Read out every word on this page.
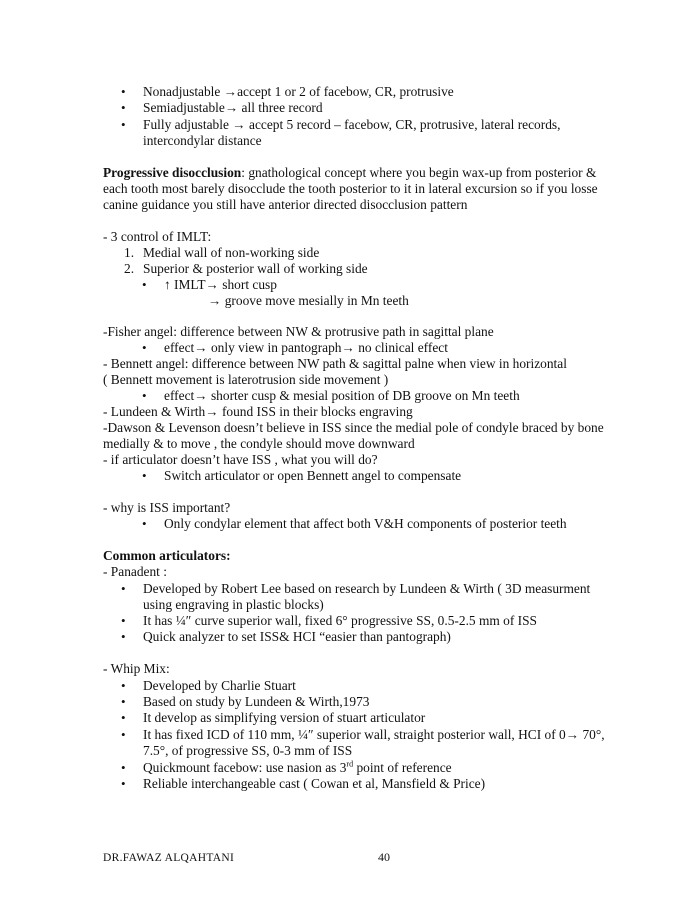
• Nonadjustable →accept 1 or 2 of facebow, CR, protrusive
• Semiadjustable→ all three record
• Fully adjustable → accept 5 record – facebow, CR, protrusive, lateral records,
intercondylar distance
Progressive disocclusion: gnathological concept where you begin wax-up from posterior &
each tooth most barely disocclude the tooth posterior to it in lateral excursion so if you losse
canine guidance you still have anterior directed disocclusion pattern
- 3 control of IMLT:
1. Medial wall of non-working side
2. Superior & posterior wall of working side
• ↑ IMLT→ short cusp
→ groove move mesially in Mn teeth
-Fisher angel: difference between NW & protrusive path in sagittal plane
• effect→ only view in pantograph→ no clinical effect
- Bennett angel: difference between NW path & sagittal palne when view in horizontal
( Bennett movement is laterotrusion side movement )
• effect→ shorter cusp & mesial position of DB groove on Mn teeth
- Lundeen & Wirth→ found ISS in their blocks engraving
-Dawson & Levenson doesn’t believe in ISS since the medial pole of condyle braced by bone
medially & to move , the condyle should move downward
- if articulator doesn’t have ISS , what you will do?
• Switch articulator or open Bennett angel to compensate
- why is ISS important?
• Only condylar element that affect both V&H components of posterior teeth
Common articulators:
- Panadent :
• Developed by Robert Lee based on research by Lundeen & Wirth ( 3D measurment
using engraving in plastic blocks)
• It has ¼″ curve superior wall, fixed 6° progressive SS, 0.5-2.5 mm of ISS
• Quick analyzer to set ISS& HCI “easier than pantograph)
- Whip Mix:
• Developed by Charlie Stuart
• Based on study by Lundeen & Wirth,1973
• It develop as simplifying version of stuart articulator
• It has fixed ICD of 110 mm, ¼″ superior wall, straight posterior wall, HCI of 0→ 70°,
7.5°, of progressive SS, 0-3 mm of ISS
• Quickmount facebow: use nasion as 3rd point of reference
• Reliable interchangeable cast ( Cowan et al, Mansfield & Price)
DR.FAWAZ ALQAHTANI	40
